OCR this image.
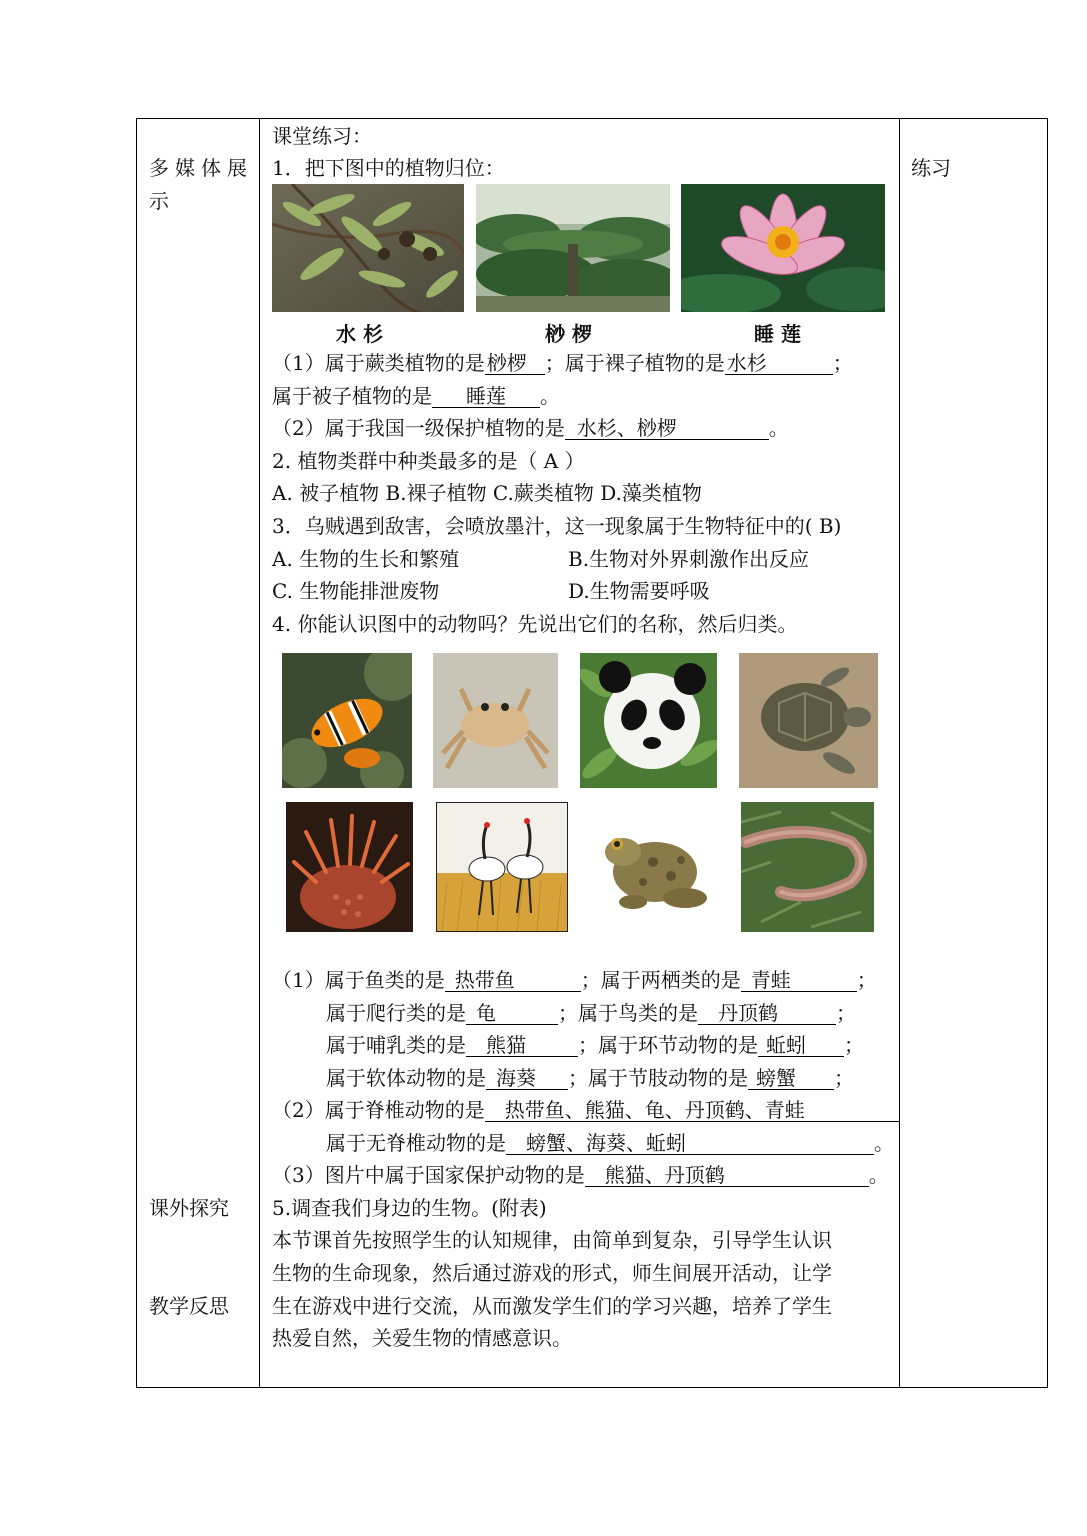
多媒体展
示
课外探究
教学反思
练习
课堂练习：
1．把下图中的植物归位：
水 杉	桫 椤	睡 莲
（1）属于蕨类植物的是 桫椤 ；属于裸子植物的是 水杉	；
属于被子植物的是 睡莲 。
（2）属于我国一级保护植物的是 水杉、桫椤	。
2. 植物类群中种类最多的是（ A ）
A. 被子植物 B.裸子植物 C.蕨类植物 D.藻类植物
3．乌贼遇到敌害，会喷放墨汁，这一现象属于生物特征中的( B)
A. 生物的生长和繁殖	B.生物对外界刺激作出反应
C. 生物能排泄废物	D.生物需要呼吸
4. 你能认识图中的动物吗？先说出它们的名称，然后归类。
（1）属于鱼类的是 热带鱼	；属于两栖类的是 青蛙	；
属于爬行类的是 龟	；属于鸟类的是 丹顶鹤	；
属于哺乳类的是 熊猫	；属于环节动物的是 蚯蚓 ；
属于软体动物的是 海葵 ；属于节肢动物的是 螃蟹 ；
（2）属于脊椎动物的是 热带鱼、熊猫、龟、丹顶鹤、青蛙
属于无脊椎动物的是 螃蟹、海葵、蚯蚓	。
（3）图片中属于国家保护动物的是 熊猫、丹顶鹤	。
5.调查我们身边的生物。(附表)
本节课首先按照学生的认知规律，由简单到复杂，引导学生认识
生物的生命现象，然后通过游戏的形式，师生间展开活动，让学
生在游戏中进行交流，从而激发学生们的学习兴趣，培养了学生
热爱自然，关爱生物的情感意识。
